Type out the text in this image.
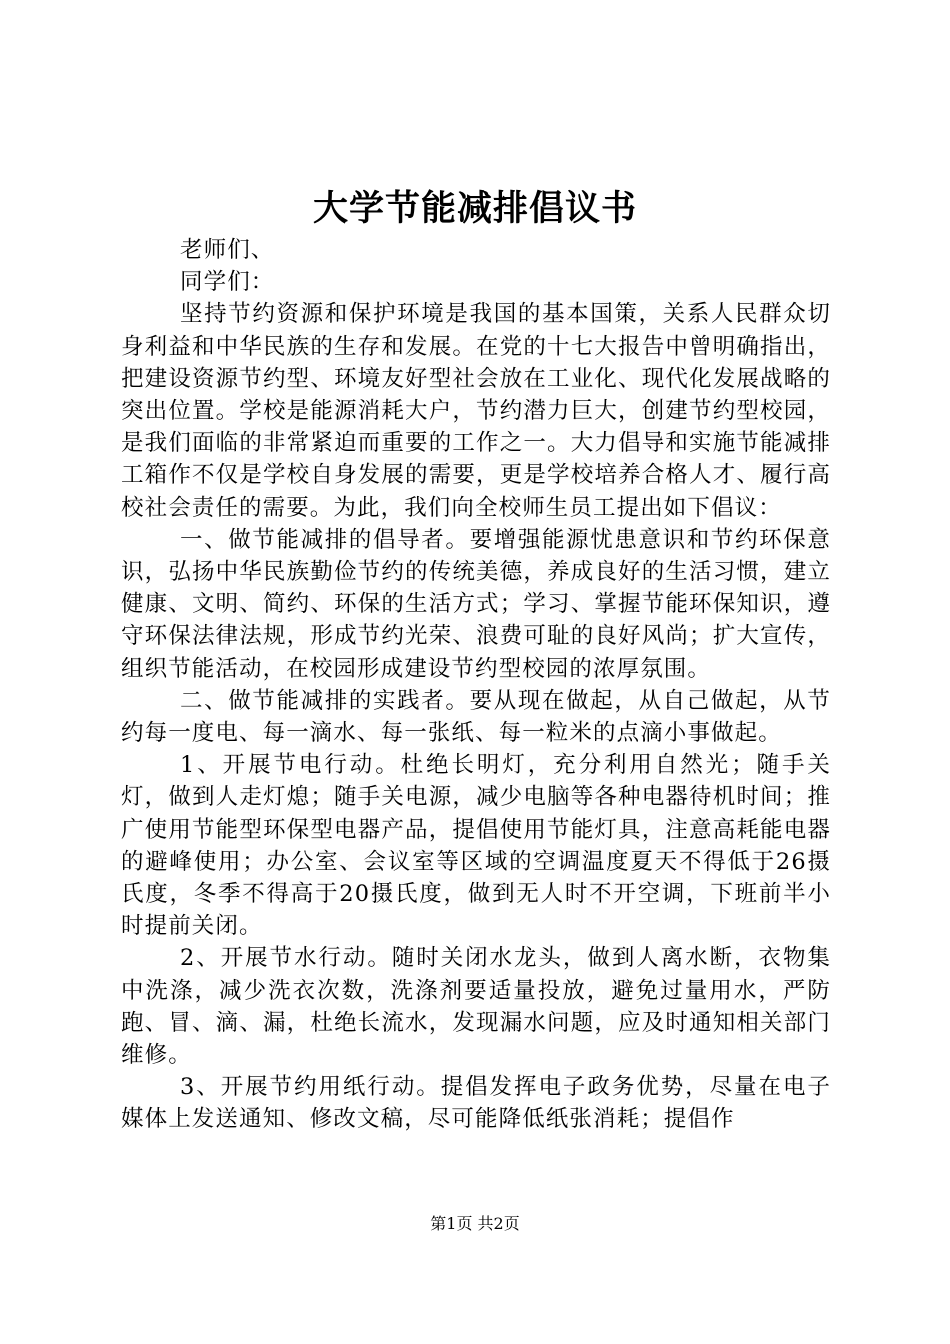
大学节能减排倡议书

老师们、

同学们：

坚持节约资源和保护环境是我国的基本国策，关系人民群众切身利益和中华民族的生存和发展。在党的十七大报告中曾明确指出，把建设资源节约型、环境友好型社会放在工业化、现代化发展战略的突出位置。学校是能源消耗大户，节约潜力巨大，创建节约型校园，是我们面临的非常紧迫而重要的工作之一。大力倡导和实施节能减排工箱作不仅是学校自身发展的需要，更是学校培养合格人才、履行高校社会责任的需要。为此，我们向全校师生员工提出如下倡议：

一、做节能减排的倡导者。要增强能源忧患意识和节约环保意识，弘扬中华民族勤俭节约的传统美德，养成良好的生活习惯，建立健康、文明、简约、环保的生活方式；学习、掌握节能环保知识，遵守环保法律法规，形成节约光荣、浪费可耻的良好风尚；扩大宣传，组织节能活动，在校园形成建设节约型校园的浓厚氛围。

二、做节能减排的实践者。要从现在做起，从自己做起，从节约每一度电、每一滴水、每一张纸、每一粒米的点滴小事做起。

1、开展节电行动。杜绝长明灯，充分利用自然光；随手关灯，做到人走灯熄；随手关电源，减少电脑等各种电器待机时间；推广使用节能型环保型电器产品，提倡使用节能灯具，注意高耗能电器的避峰使用；办公室、会议室等区域的空调温度夏天不得低于26摄氏度，冬季不得高于20摄氏度，做到无人时不开空调，下班前半小时提前关闭。

2、开展节水行动。随时关闭水龙头，做到人离水断，衣物集中洗涤，减少洗衣次数，洗涤剂要适量投放，避免过量用水，严防跑、冒、滴、漏，杜绝长流水，发现漏水问题，应及时通知相关部门维修。

3、开展节约用纸行动。提倡发挥电子政务优势，尽量在电子媒体上发送通知、修改文稿，尽可能降低纸张消耗；提倡作

第1页 共2页
